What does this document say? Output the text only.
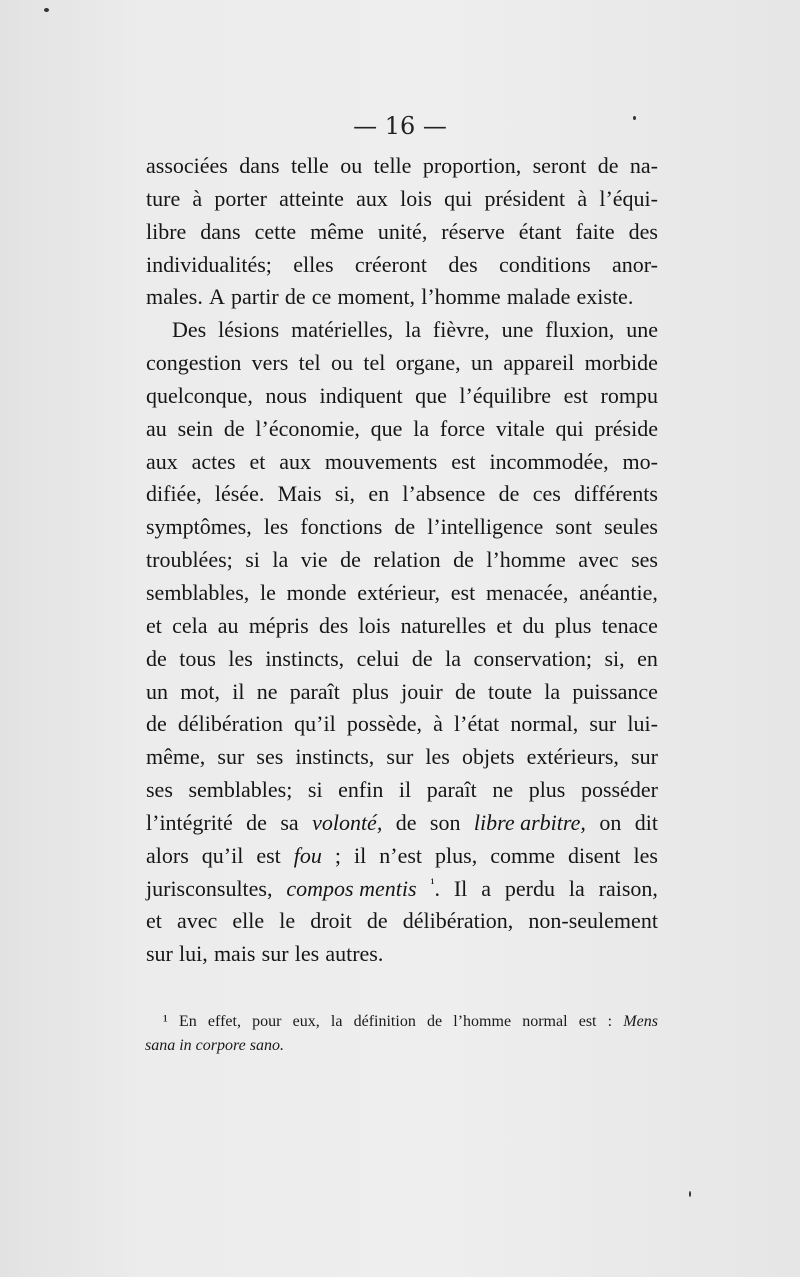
— 16 —
associées dans telle ou telle proportion, seront de na-
ture à porter atteinte aux lois qui président à l’équi-
libre dans cette même unité, réserve étant faite des
individualités; elles créeront des conditions anor-
males. A partir de ce moment, l’homme malade existe.
Des lésions matérielles, la fièvre, une fluxion, une
congestion vers tel ou tel organe, un appareil morbide
quelconque, nous indiquent que l’équilibre est rompu
au sein de l’économie, que la force vitale qui préside
aux actes et aux mouvements est incommodée, mo-
difiée, lésée. Mais si, en l’absence de ces différents
symptômes, les fonctions de l’intelligence sont seules
troublées; si la vie de relation de l’homme avec ses
semblables, le monde extérieur, est menacée, anéantie,
et cela au mépris des lois naturelles et du plus tenace
de tous les instincts, celui de la conservation; si, en
un mot, il ne paraît plus jouir de toute la puissance
de délibération qu’il possède, à l’état normal, sur lui-
même, sur ses instincts, sur les objets extérieurs, sur
ses semblables; si enfin il paraît ne plus posséder
l’intégrité de sa volonté, de son libre arbitre, on dit
alors qu’il est fou ; il n’est plus, comme disent les
jurisconsultes, compos mentis $^{^1}$. Il a perdu la raison,
et avec elle le droit de délibération, non-seulement
sur lui, mais sur les autres.
¹ En effet, pour eux, la définition de l’homme normal est : Mens
sana in corpore sano.
